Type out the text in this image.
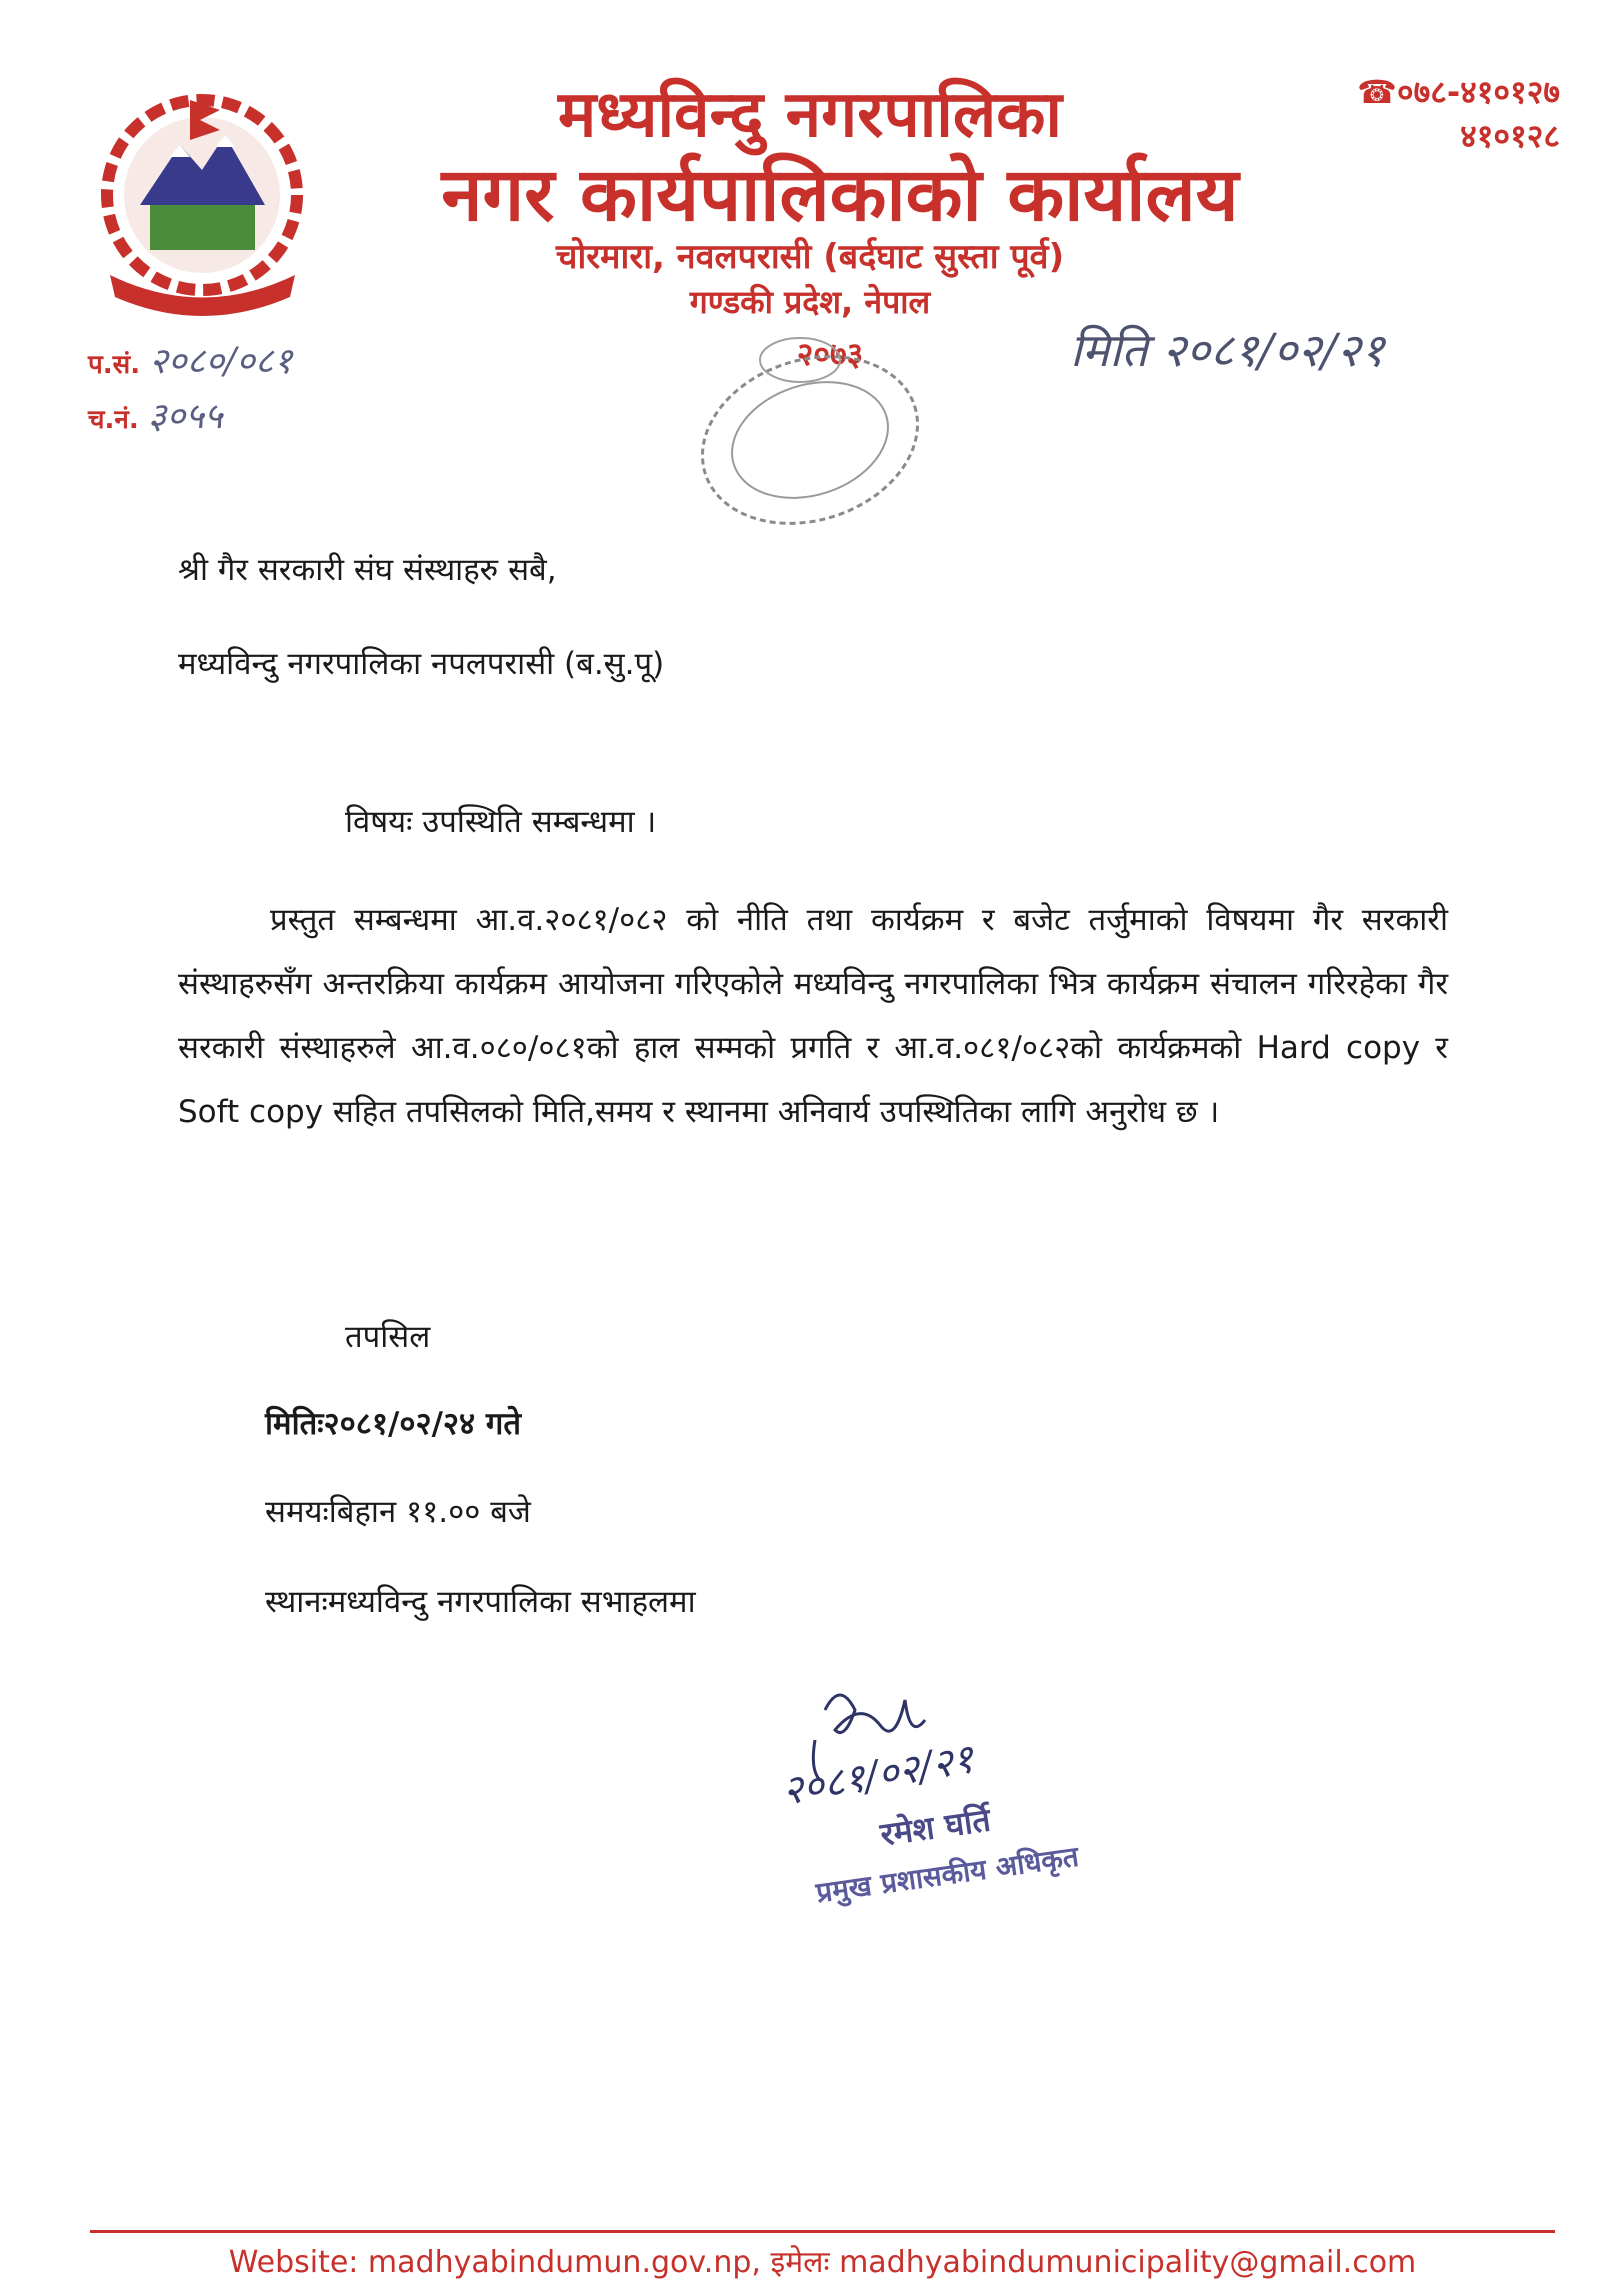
मध्यविन्दु नगरपालिका
नगर कार्यपालिकाको कार्यालय
चोरमारा, नवलपरासी (बर्दघाट सुस्ता पूर्व)
गण्डकी प्रदेश, नेपाल
२०७३
☎०७८-४१०१२७
४१०१२८
प.सं. २०८०/०८१
च.नं. ३०५५
मिति २०८१/०२/२१
श्री गैर सरकारी संघ संस्थाहरु सबै,
मध्यविन्दु नगरपालिका नपलपरासी (ब.सु.पू)
विषयः उपस्थिति सम्बन्धमा ।

प्रस्तुत सम्बन्धमा आ.व.२०८१/०८२ को नीति तथा कार्यक्रम र बजेट तर्जुमाको विषयमा गैर सरकारी संस्थाहरुसँग अन्तरक्रिया कार्यक्रम आयोजना गरिएकोले मध्यविन्दु नगरपालिका भित्र कार्यक्रम संचालन गरिरहेका गैर सरकारी संस्थाहरुले आ.व.०८०/०८१को हाल सम्मको प्रगति र आ.व.०८१/०८२को कार्यक्रमको Hard copy र Soft copy सहित तपसिलको मिति,समय र स्थानमा अनिवार्य उपस्थितिका लागि अनुरोध छ ।

तपसिल
मितिः२०८१/०२/२४ गते
समयःबिहान ११.०० बजे
स्थानःमध्यविन्दु नगरपालिका सभाहलमा
२०८१/०२/२१
रमेश घर्ति
प्रमुख प्रशासकीय अधिकृत
Website: madhyabindumun.gov.np, इमेलः madhyabindumunicipality@gmail.com
